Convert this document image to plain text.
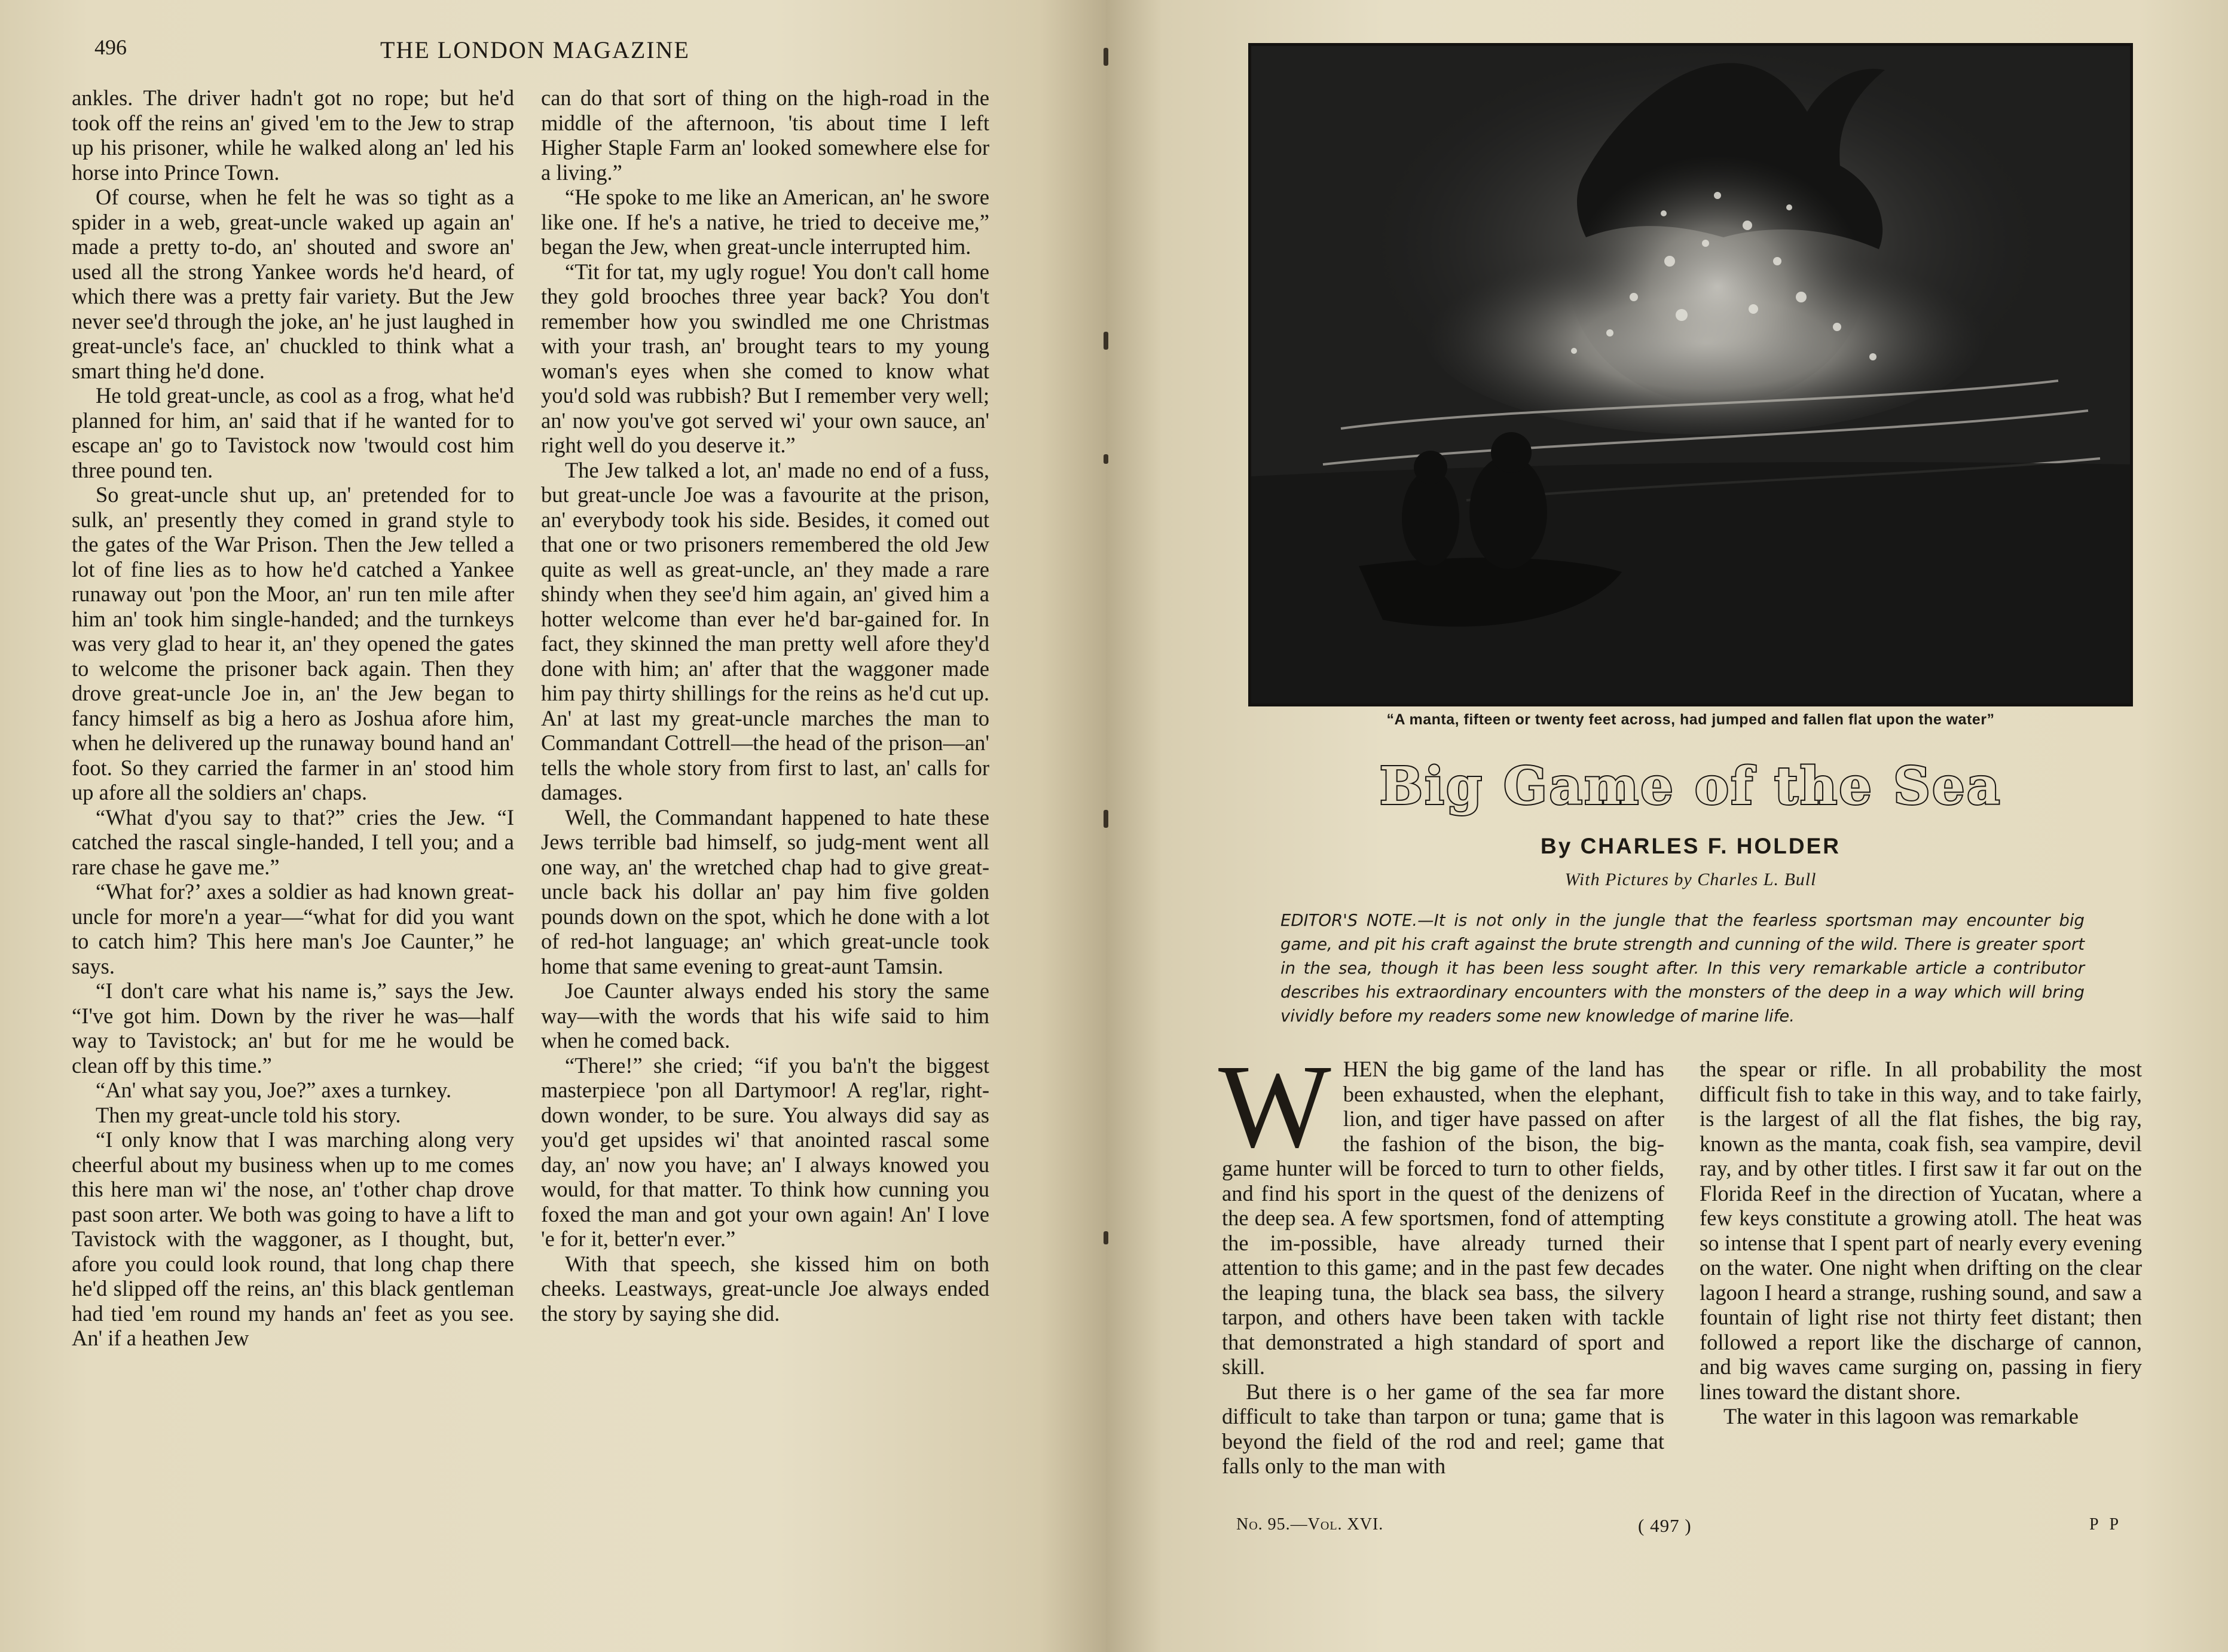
496	THE LONDON MAGAZINE

ankles. The driver hadn't got no rope; but he'd took off the reins an' gived 'em to the Jew to strap up his prisoner, while he walked along an' led his horse into Prince Town.

Of course, when he felt he was so tight as a spider in a web, great-uncle waked up again an' made a pretty to-do, an' shouted and swore an' used all the strong Yankee words he'd heard, of which there was a pretty fair variety. But the Jew never see'd through the joke, an' he just laughed in great-uncle's face, an' chuckled to think what a smart thing he'd done.

He told great-uncle, as cool as a frog, what he'd planned for him, an' said that if he wanted for to escape an' go to Tavistock now 'twould cost him three pound ten.

So great-uncle shut up, an' pretended for to sulk, an' presently they comed in grand style to the gates of the War Prison. Then the Jew telled a lot of fine lies as to how he'd catched a Yankee runaway out 'pon the Moor, an' run ten mile after him an' took him single-handed; and the turnkeys was very glad to hear it, an' they opened the gates to welcome the prisoner back again. Then they drove great-uncle Joe in, an' the Jew began to fancy himself as big a hero as Joshua afore him, when he delivered up the runaway bound hand an' foot. So they carried the farmer in an' stood him up afore all the soldiers an' chaps.

“What d'you say to that?” cries the Jew. “I catched the rascal single-handed, I tell you; and a rare chase he gave me.”

“What for?’ axes a soldier as had known great-uncle for more'n a year—“what for did you want to catch him? This here man's Joe Caunter,” he says.

“I don't care what his name is,” says the Jew. “I've got him. Down by the river he was—half way to Tavistock; an' but for me he would be clean off by this time.”

“An' what say you, Joe?” axes a turnkey.

Then my great-uncle told his story.

“I only know that I was marching along very cheerful about my business when up to me comes this here man wi' the nose, an' t'other chap drove past soon arter. We both was going to have a lift to Tavistock with the waggoner, as I thought, but, afore you could look round, that long chap there he'd slipped off the reins, an' this black gentleman had tied 'em round my hands an' feet as you see. An' if a heathen Jew

can do that sort of thing on the high-road in the middle of the afternoon, 'tis about time I left Higher Staple Farm an' looked somewhere else for a living.”

“He spoke to me like an American, an' he swore like one. If he's a native, he tried to deceive me,” began the Jew, when great-uncle interrupted him.

“Tit for tat, my ugly rogue! You don't call home they gold brooches three year back? You don't remember how you swindled me one Christmas with your trash, an' brought tears to my young woman's eyes when she comed to know what you'd sold was rubbish? But I remember very well; an' now you've got served wi' your own sauce, an' right well do you deserve it.”

The Jew talked a lot, an' made no end of a fuss, but great-uncle Joe was a favourite at the prison, an' everybody took his side. Besides, it comed out that one or two prisoners remembered the old Jew quite as well as great-uncle, an' they made a rare shindy when they see'd him again, an' gived him a hotter welcome than ever he'd bar-gained for. In fact, they skinned the man pretty well afore they'd done with him; an' after that the waggoner made him pay thirty shillings for the reins as he'd cut up. An' at last my great-uncle marches the man to Commandant Cottrell—the head of the prison—an' tells the whole story from first to last, an' calls for damages.

Well, the Commandant happened to hate these Jews terrible bad himself, so judg-ment went all one way, an' the wretched chap had to give great-uncle back his dollar an' pay him five golden pounds down on the spot, which he done with a lot of red-hot language; an' which great-uncle took home that same evening to great-aunt Tamsin.

Joe Caunter always ended his story the same way—with the words that his wife said to him when he comed back.

“There!” she cried; “if you ba'n't the biggest masterpiece 'pon all Dartymoor! A reg'lar, right-down wonder, to be sure. You always did say as you'd get upsides wi' that anointed rascal some day, an' now you have; an' I always knowed you would, for that matter. To think how cunning you foxed the man and got your own again! An' I love 'e for it, better'n ever.”

With that speech, she kissed him on both cheeks. Leastways, great-uncle Joe always ended the story by saying she did.

“A manta, fifteen or twenty feet across, had jumped and fallen flat upon the water”
Big Game of the Sea
By CHARLES F. HOLDER
With Pictures by Charles L. Bull
EDITOR'S NOTE.—It is not only in the jungle that the fearless sportsman may encounter big game, and pit his craft against the brute strength and cunning of the wild. There is greater sport in the sea, though it has been less sought after. In this very remarkable article a contributor describes his extraordinary encounters with the monsters of the deep in a way which will bring vividly before my readers some new knowledge of marine life.

WHEN the big game of the land has been exhausted, when the elephant, lion, and tiger have passed on after the fashion of the bison, the big-game hunter will be forced to turn to other fields, and find his sport in the quest of the denizens of the deep sea. A few sportsmen, fond of attempting the im-possible, have already turned their attention to this game; and in the past few decades the leaping tuna, the black sea bass, the silvery tarpon, and others have been taken with tackle that demonstrated a high standard of sport and skill.

But there is o her game of the sea far more difficult to take than tarpon or tuna; game that is beyond the field of the rod and reel; game that falls only to the man with

the spear or rifle. In all probability the most difficult fish to take in this way, and to take fairly, is the largest of all the flat fishes, the big ray, known as the manta, coak fish, sea vampire, devil ray, and by other titles. I first saw it far out on the Florida Reef in the direction of Yucatan, where a few keys constitute a growing atoll. The heat was so intense that I spent part of nearly every evening on the water. One night when drifting on the clear lagoon I heard a strange, rushing sound, and saw a fountain of light rise not thirty feet distant; then followed a report like the discharge of cannon, and big waves came surging on, passing in fiery lines toward the distant shore.

The water in this lagoon was remarkable

No. 95.—Vol. XVI.	( 497 )	P P
